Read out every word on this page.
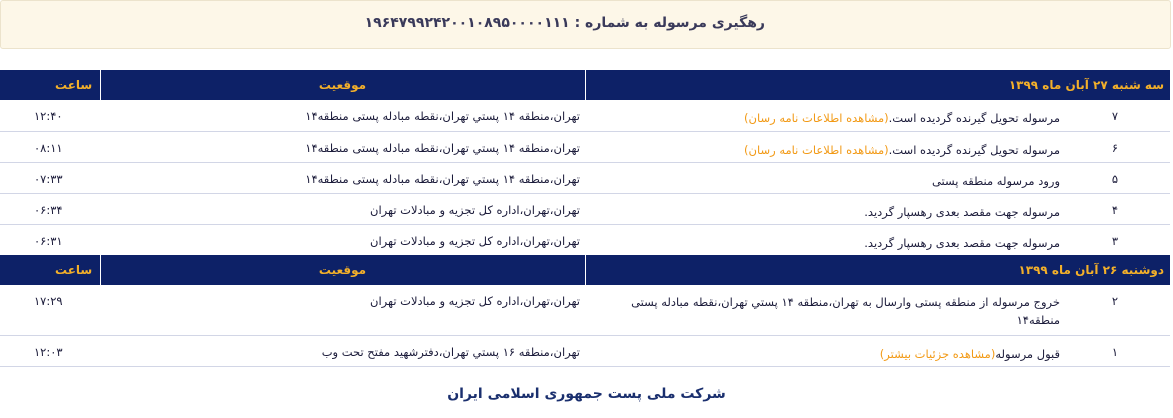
رهگیری مرسوله به شماره : ۱۹۶۴۷۹۹۲۴۲۰۰۱۰۸۹۵۰۰۰۰۱۱۱
سه شنبه ۲۷ آبان ماه ۱۳۹۹		موقعیت	ساعت
۷	مرسوله تحویل گیرنده گردیده است.(مشاهده اطلاعات نامه رسان)	تهران،منطقه ۱۴ پستي تهران،نقطه مبادله پستی منطقه۱۴	۱۲:۴۰
۶	مرسوله تحویل گیرنده گردیده است.(مشاهده اطلاعات نامه رسان)	تهران،منطقه ۱۴ پستي تهران،نقطه مبادله پستی منطقه۱۴	۰۸:۱۱
۵	ورود مرسوله منطقه پستی	تهران،منطقه ۱۴ پستي تهران،نقطه مبادله پستی منطقه۱۴	۰۷:۳۳
۴	مرسوله جهت مقصد بعدی رهسپار گردید.	تهران،تهران،اداره کل تجزیه و مبادلات تهران	۰۶:۳۴
۳	مرسوله جهت مقصد بعدی رهسپار گردید.	تهران،تهران،اداره کل تجزیه و مبادلات تهران	۰۶:۳۱
دوشنبه ۲۶ آبان ماه ۱۳۹۹		موقعیت	ساعت
۲	خروج مرسوله از منطقه پستی وارسال به تهران،منطقه ۱۴ پستي تهران،نقطه مبادله پستی منطقه۱۴	تهران،تهران،اداره کل تجزیه و مبادلات تهران	۱۷:۲۹
۱	قبول مرسوله(مشاهده جزئیات بیشتر)	تهران،منطقه ۱۶ پستي تهران،دفترشهید مفتح تحت وب	۱۲:۰۳
شرکت ملی پست جمهوری اسلامی ایران
